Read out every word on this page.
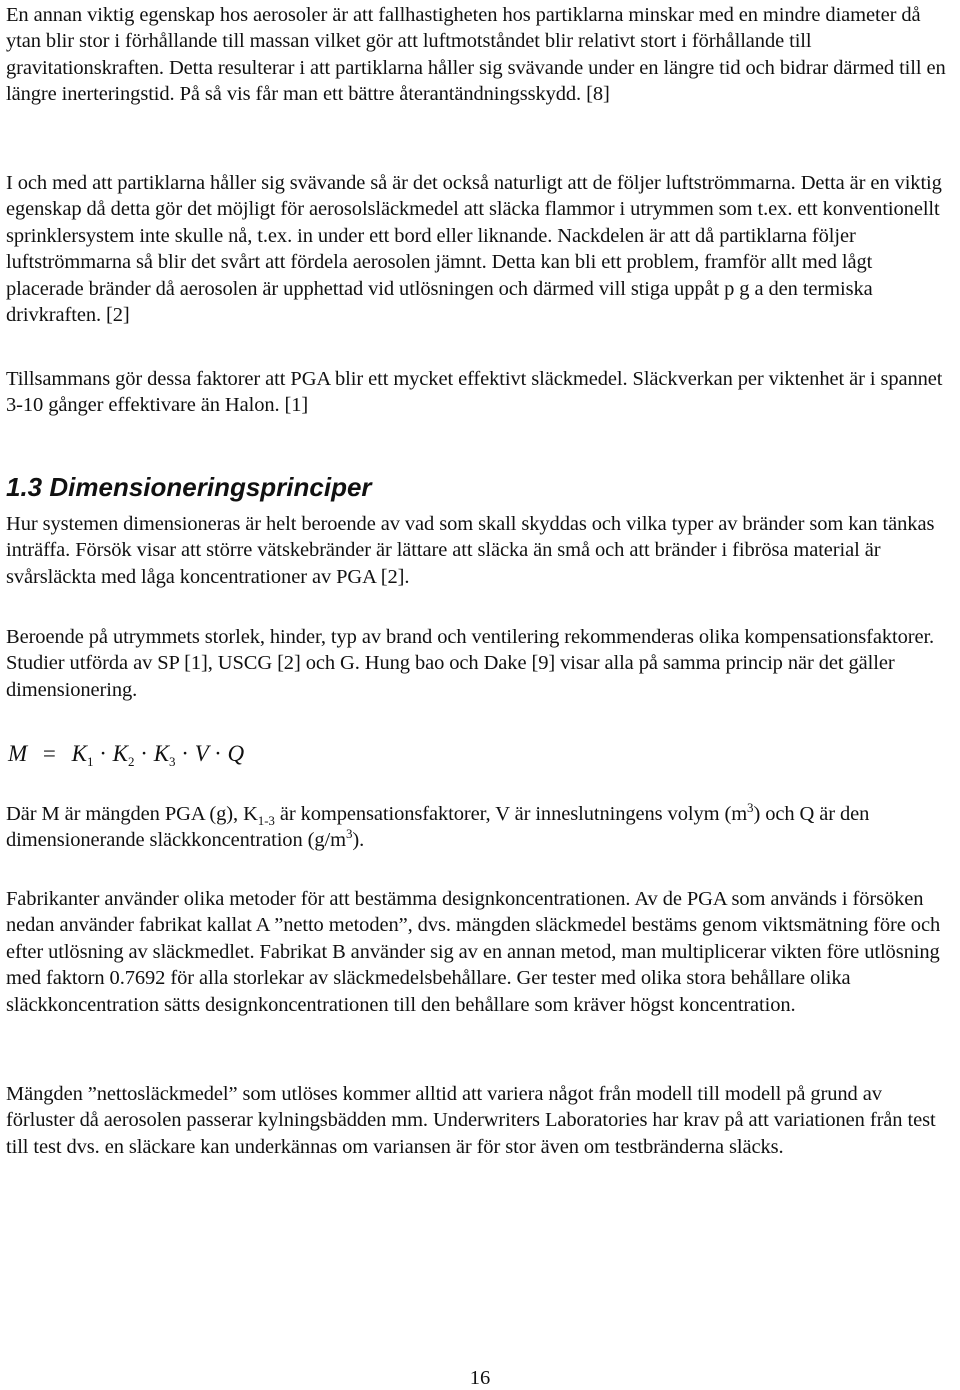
En annan viktig egenskap hos aerosoler är att fallhastigheten hos partiklarna minskar med en mindre diameter då ytan blir stor i förhållande till massan vilket gör att luftmotståndet blir relativt stort i förhållande till gravitationskraften. Detta resulterar i att partiklarna håller sig svävande under en längre tid och bidrar därmed till en längre inerteringstid. På så vis får man ett bättre återantändningsskydd. [8]

I och med att partiklarna håller sig svävande så är det också naturligt att de följer luftströmmarna. Detta är en viktig egenskap då detta gör det möjligt för aerosolsläckmedel att släcka flammor i utrymmen som t.ex. ett konventionellt sprinklersystem inte skulle nå, t.ex. in under ett bord eller liknande. Nackdelen är att då partiklarna följer luftströmmarna så blir det svårt att fördela aerosolen jämnt. Detta kan bli ett problem, framför allt med lågt placerade bränder då aerosolen är upphettad vid utlösningen och därmed vill stiga uppåt p g a den termiska drivkraften. [2]

Tillsammans gör dessa faktorer att PGA blir ett mycket effektivt släckmedel. Släckverkan per viktenhet är i spannet 3-10 gånger effektivare än Halon. [1]

1.3 Dimensioneringsprinciper

Hur systemen dimensioneras är helt beroende av vad som skall skyddas och vilka typer av bränder som kan tänkas inträffa. Försök visar att större vätskebränder är lättare att släcka än små och att bränder i fibrösa material är svårsläckta med låga koncentrationer av PGA [2].

Beroende på utrymmets storlek, hinder, typ av brand och ventilering rekommenderas olika kompensationsfaktorer. Studier utförda av SP [1], USCG [2] och G. Hung bao och Dake [9] visar alla på samma princip när det gäller dimensionering.

$M = K_1 \cdot K_2 \cdot K_3 \cdot V \cdot Q$

Där M är mängden PGA (g), $K_{1-3}$ är kompensationsfaktorer, V är inneslutningens volym $(m^3)$ och Q är den dimensionerande släckkoncentration $(g/m^3)$.

Fabrikanter använder olika metoder för att bestämma designkoncentrationen. Av de PGA som används i försöken nedan använder fabrikat kallat A ”netto metoden”, dvs. mängden släckmedel bestäms genom viktsmätning före och efter utlösning av släckmedlet. Fabrikat B använder sig av en annan metod, man multiplicerar vikten före utlösning med faktorn 0.7692 för alla storlekar av släckmedelsbehållare. Ger tester med olika stora behållare olika släckkoncentration sätts designkoncentrationen till den behållare som kräver högst koncentration.

Mängden ”nettosläckmedel” som utlöses kommer alltid att variera något från modell till modell på grund av förluster då aerosolen passerar kylningsbädden mm. Underwriters Laboratories har krav på att variationen från test till test dvs. en släckare kan underkännas om variansen är för stor även om testbränderna släcks.

16
